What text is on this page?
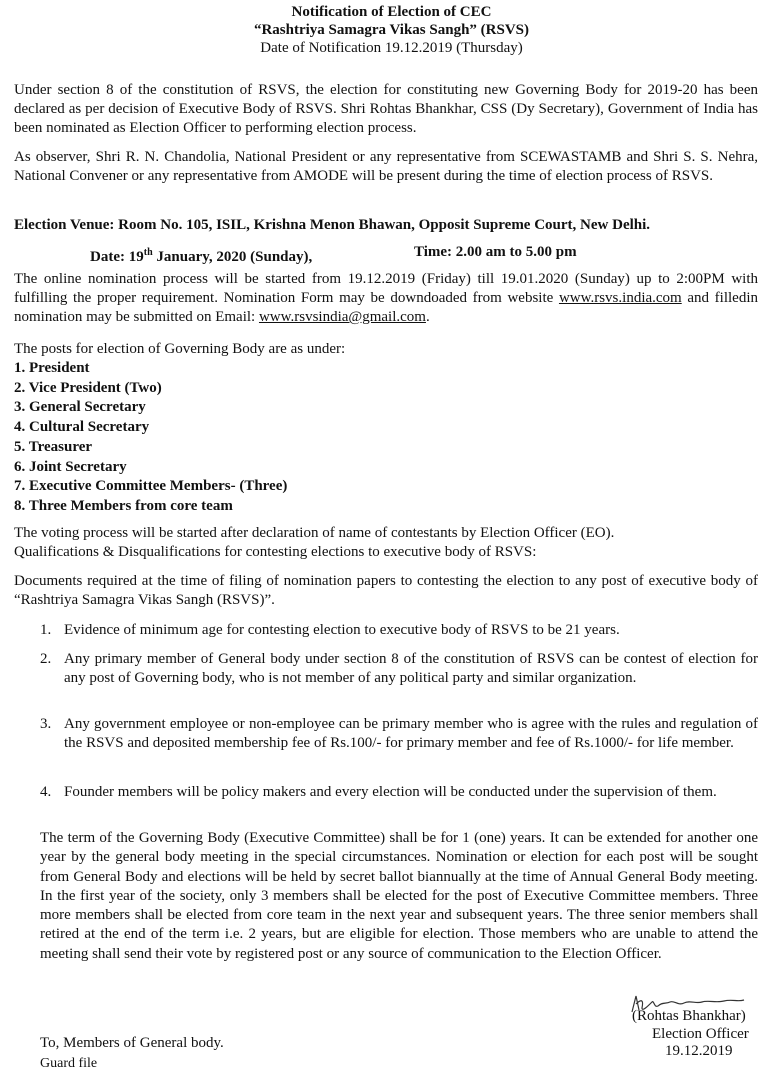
Notification of Election of CEC
“Rashtriya Samagra Vikas Sangh” (RSVS)
Date of Notification 19.12.2019 (Thursday)
Under section 8 of the constitution of RSVS, the election for constituting new Governing Body for 2019-20 has been declared as per decision of Executive Body of RSVS. Shri Rohtas Bhankhar, CSS (Dy Secretary), Government of India has been nominated as Election Officer to performing election process.
As observer, Shri R. N. Chandolia, National President or any representative from SCEWASTAMB and Shri S. S. Nehra, National Convener or any representative from AMODE will be present during the time of election process of RSVS.
Election Venue: Room No. 105, ISIL, Krishna Menon Bhawan, Opposit Supreme Court, New Delhi.
Date: 19th January, 2020 (Sunday),	Time: 2.00 am to 5.00 pm
The online nomination process will be started from 19.12.2019 (Friday) till 19.01.2020 (Sunday) up to 2:00PM with fulfilling the proper requirement. Nomination Form may be downdoaded from website www.rsvs.india.com and filledin nomination may be submitted on Email: www.rsvsindia@gmail.com.
The posts for election of Governing Body are as under:
1. President
2. Vice President (Two)
3. General Secretary
4. Cultural Secretary
5. Treasurer
6. Joint Secretary
7. Executive Committee Members- (Three)
8. Three Members from core team
The voting process will be started after declaration of name of contestants by Election Officer (EO).
Qualifications & Disqualifications for contesting elections to executive body of RSVS:
Documents required at the time of filing of nomination papers to contesting the election to any post of executive body of “Rashtriya Samagra Vikas Sangh (RSVS)”.
1. Evidence of minimum age for contesting election to executive body of RSVS to be 21 years.
2. Any primary member of General body under section 8 of the constitution of RSVS can be contest of election for any post of Governing body, who is not member of any political party and similar organization.
3. Any government employee or non-employee can be primary member who is agree with the rules and regulation of the RSVS and deposited membership fee of Rs.100/- for primary member and fee of Rs.1000/- for life member.
4. Founder members will be policy makers and every election will be conducted under the supervision of them.
The term of the Governing Body (Executive Committee) shall be for 1 (one) years. It can be extended for another one year by the general body meeting in the special circumstances. Nomination or election for each post will be sought from General Body and elections will be held by secret ballot biannually at the time of Annual General Body meeting. In the first year of the society, only 3 members shall be elected for the post of Executive Committee members. Three more members shall be elected from core team in the next year and subsequent years. The three senior members shall retired at the end of the term i.e. 2 years, but are eligible for election. Those members who are unable to attend the meeting shall send their vote by registered post or any source of communication to the Election Officer.
(Rohtas Bhankhar)
Election Officer
19.12.2019
To, Members of General body.
Guard file
